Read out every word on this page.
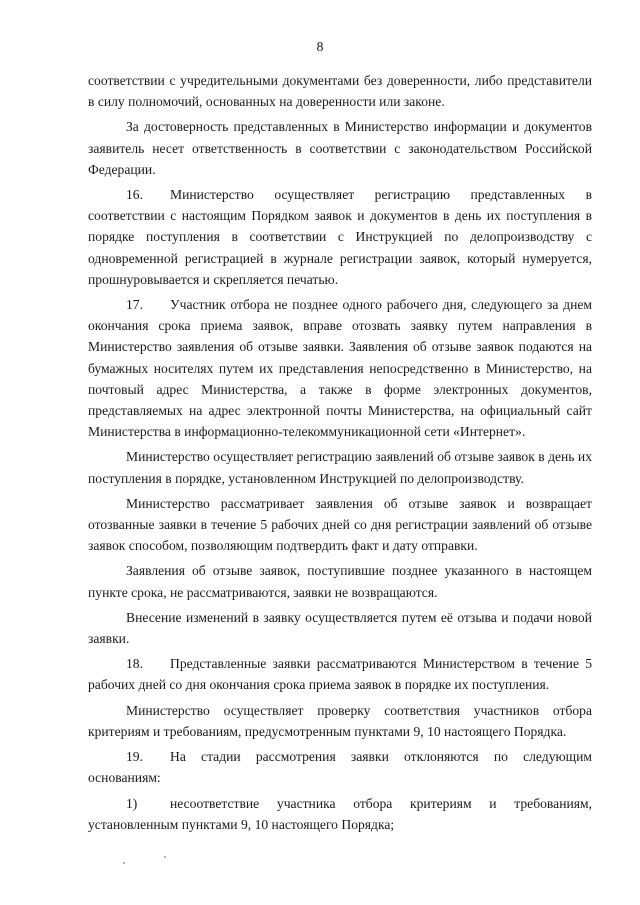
8

соответствии с учредительными документами без доверенности, либо представители в силу полномочий, основанных на доверенности или законе.

За достоверность представленных в Министерство информации и документов заявитель несет ответственность в соответствии с законодательством Российской Федерации.

16. Министерство осуществляет регистрацию представленных в соответствии с настоящим Порядком заявок и документов в день их поступления в порядке поступления в соответствии с Инструкцией по делопроизводству с одновременной регистрацией в журнале регистрации заявок, который нумеруется, прошнуровывается и скрепляется печатью.

17. Участник отбора не позднее одного рабочего дня, следующего за днем окончания срока приема заявок, вправе отозвать заявку путем направления в Министерство заявления об отзыве заявки. Заявления об отзыве заявок подаются на бумажных носителях путем их представления непосредственно в Министерство, на почтовый адрес Министерства, а также в форме электронных документов, представляемых на адрес электронной почты Министерства, на официальный сайт Министерства в информационно-телекоммуникационной сети «Интернет».

Министерство осуществляет регистрацию заявлений об отзыве заявок в день их поступления в порядке, установленном Инструкцией по делопроизводству.

Министерство рассматривает заявления об отзыве заявок и возвращает отозванные заявки в течение 5 рабочих дней со дня регистрации заявлений об отзыве заявок способом, позволяющим подтвердить факт и дату отправки.

Заявления об отзыве заявок, поступившие позднее указанного в настоящем пункте срока, не рассматриваются, заявки не возвращаются.

Внесение изменений в заявку осуществляется путем её отзыва и подачи новой заявки.

18. Представленные заявки рассматриваются Министерством в течение 5 рабочих дней со дня окончания срока приема заявок в порядке их поступления.

Министерство осуществляет проверку соответствия участников отбора критериям и требованиям, предусмотренным пунктами 9, 10 настоящего Порядка.

19. На стадии рассмотрения заявки отклоняются по следующим основаниям:

1) несоответствие участника отбора критериям и требованиям, установленным пунктами 9, 10 настоящего Порядка;
